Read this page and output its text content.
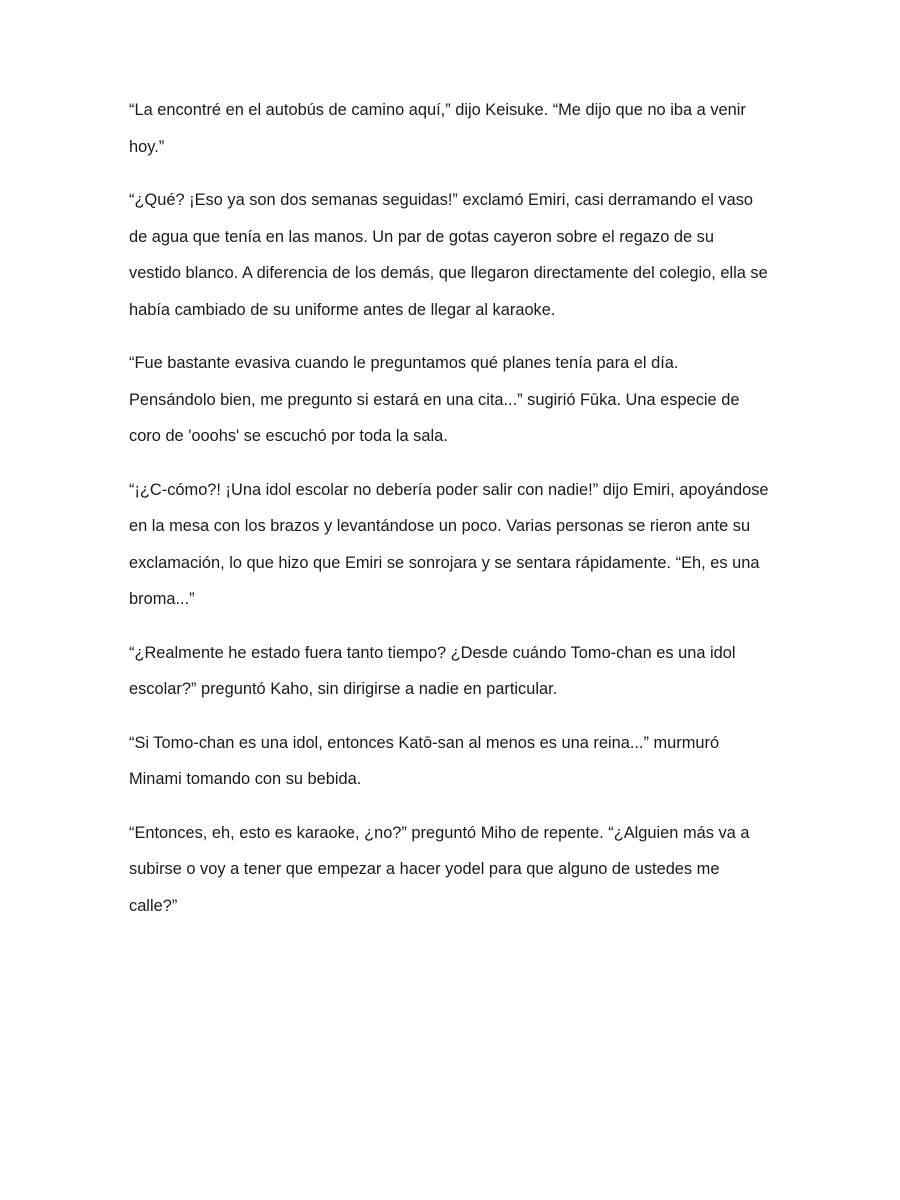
“La encontré en el autobús de camino aquí,” dijo Keisuke. “Me dijo que no iba a venir hoy.”

“¿Qué? ¡Eso ya son dos semanas seguidas!” exclamó Emiri, casi derramando el vaso de agua que tenía en las manos. Un par de gotas cayeron sobre el regazo de su vestido blanco. A diferencia de los demás, que llegaron directamente del colegio, ella se había cambiado de su uniforme antes de llegar al karaoke.

“Fue bastante evasiva cuando le preguntamos qué planes tenía para el día. Pensándolo bien, me pregunto si estará en una cita...” sugirió Fūka. Una especie de coro de 'ooohs' se escuchó por toda la sala.

“¡¿C-cómo?! ¡Una idol escolar no debería poder salir con nadie!” dijo Emiri, apoyándose en la mesa con los brazos y levantándose un poco. Varias personas se rieron ante su exclamación, lo que hizo que Emiri se sonrojara y se sentara rápidamente. “Eh, es una broma...”

“¿Realmente he estado fuera tanto tiempo? ¿Desde cuándo Tomo-chan es una idol escolar?” preguntó Kaho, sin dirigirse a nadie en particular.

“Si Tomo-chan es una idol, entonces Katō-san al menos es una reina...” murmuró Minami tomando con su bebida.

“Entonces, eh, esto es karaoke, ¿no?” preguntó Miho de repente. “¿Alguien más va a subirse o voy a tener que empezar a hacer yodel para que alguno de ustedes me calle?”
